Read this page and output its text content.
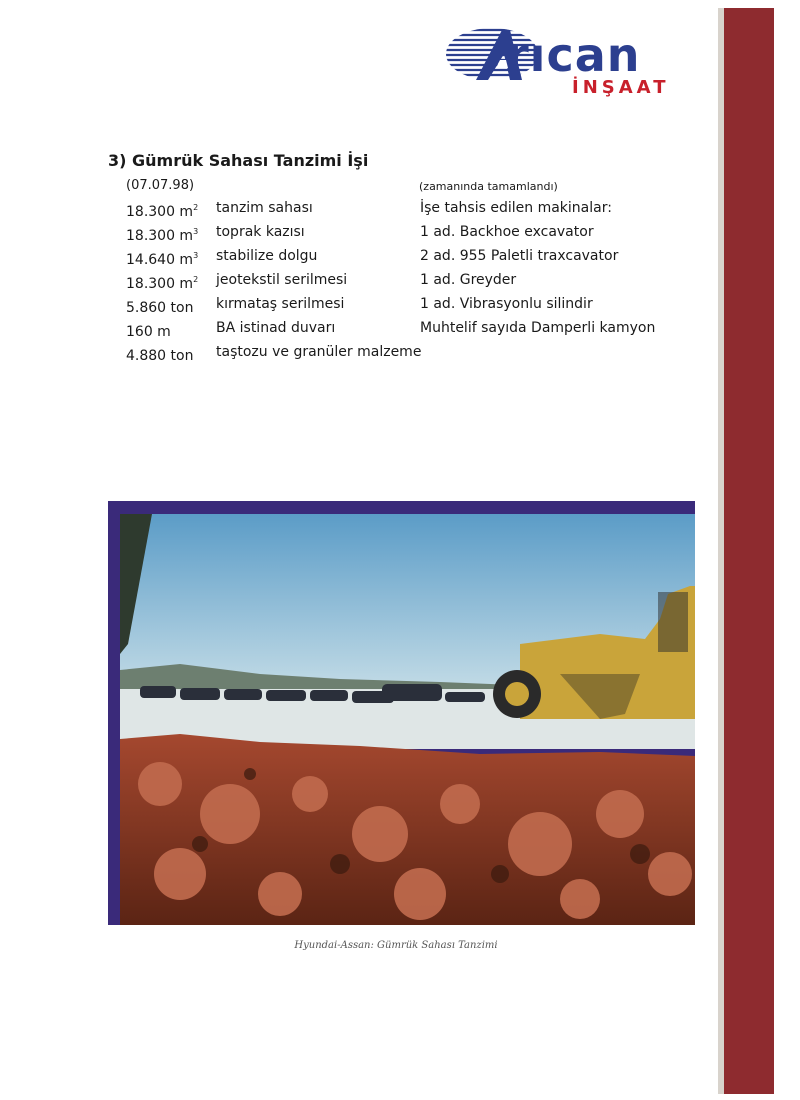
rıcan
İNŞAAT
3) Gümrük Sahası Tanzimi İşi
(07.07.98)	(zamanında tamamlandı)
18.300 $m^2$ tanzim sahası	İşe tahsis edilen makinalar:
18.300 $m^3$ toprak kazısı	1 ad. Backhoe excavator
14.640 $m^3$ stabilize dolgu	2 ad. 955 Paletli traxcavator
18.300 $m^2$ jeotekstil serilmesi	1 ad. Greyder
5.860 ton kırmataş serilmesi	1 ad. Vibrasyonlu silindir
160 m	BA istinad duvarı	Muhtelif sayıda Damperli kamyon
4.880 ton taştozu ve granüler malzeme
Hyundai-Assan: Gümrük Sahası Tanzimi
